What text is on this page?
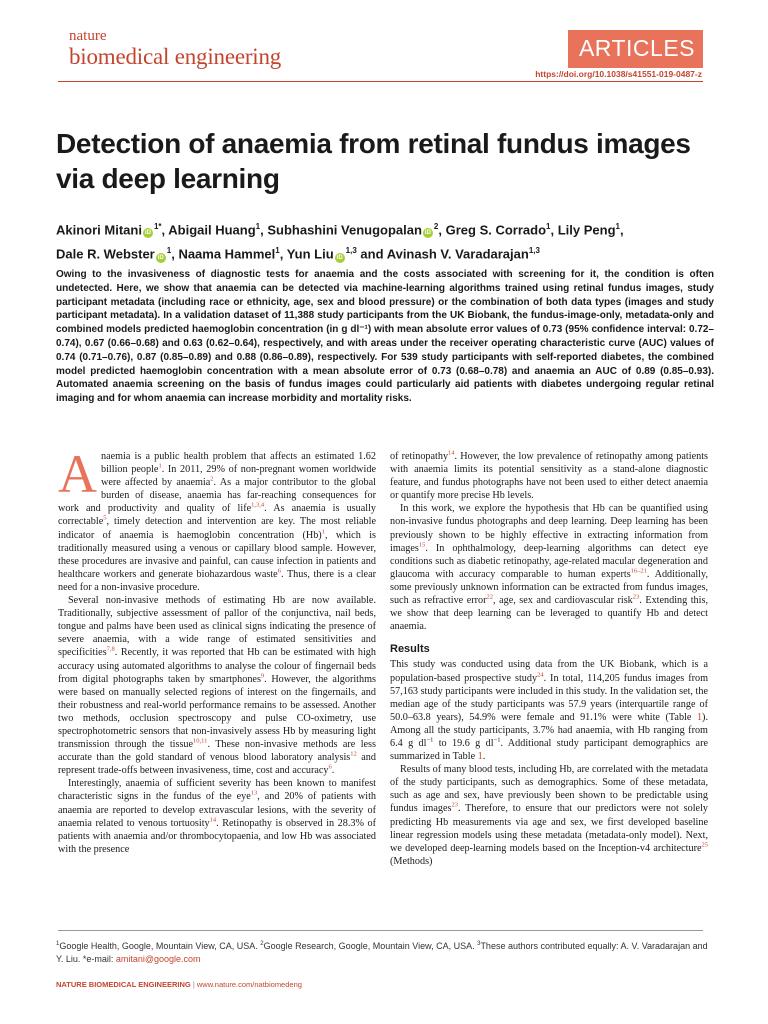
nature
biomedical engineering	ARTICLES
https://doi.org/10.1038/s41551-019-0487-z
Detection of anaemia from retinal fundus images via deep learning
Akinori Mitani $iD^{1*}$, Abigail Huang$^1$, Subhashini Venugopalan $iD^2$, Greg S. Corrado$^1$, Lily Peng$^1$,
Dale R. Webster $iD^1$, Naama Hammel$^1$, Yun Liu iD$^{1,3}$ and Avinash V. Varadarajan$^{1,3}$
Owing to the invasiveness of diagnostic tests for anaemia and the costs associated with screening for it, the condition is often undetected. Here, we show that anaemia can be detected via machine-learning algorithms trained using retinal fundus images, study participant metadata (including race or ethnicity, age, sex and blood pressure) or the combination of both data types (images and study participant metadata). In a validation dataset of 11,388 study participants from the UK Biobank, the fundus-image-only, metadata-only and combined models predicted haemoglobin concentration (in g dl⁻¹) with mean absolute error values of 0.73 (95% confidence interval: 0.72–0.74), 0.67 (0.66–0.68) and 0.63 (0.62–0.64), respectively, and with areas under the receiver operating characteristic curve (AUC) values of 0.74 (0.71–0.76), 0.87 (0.85–0.89) and 0.88 (0.86–0.89), respectively. For 539 study participants with self-reported diabetes, the combined model predicted haemoglobin concentration with a mean absolute error of 0.73 (0.68–0.78) and anaemia an AUC of 0.89 (0.85–0.93). Automated anaemia screening on the basis of fundus images could particularly aid patients with diabetes undergoing regular retinal imaging and for whom anaemia can increase morbidity and mortality risks.

Anaemia is a public health problem that affects an estimated 1.62 billion people$^1$. In 2011, 29% of non-pregnant women worldwide were affected by anaemia$^2$. As a major contributor to the global burden of disease, anaemia has far-reaching consequences for work and productivity and quality of life$^{1,3,4}$. As anaemia is usually correctable$^5$, timely detection and intervention are key. The most reliable indicator of anaemia is haemoglobin concentration (Hb)$^1$, which is traditionally measured using a venous or capillary blood sample. However, these procedures are invasive and painful, can cause infection in patients and healthcare workers and generate biohazardous waste$^6$. Thus, there is a clear need for a non-invasive procedure.

Several non-invasive methods of estimating Hb are now available. Traditionally, subjective assessment of pallor of the conjunctiva, nail beds, tongue and palms have been used as clinical signs indicating the presence of severe anaemia, with a wide range of estimated sensitivities and specificities$^{7,8}$. Recently, it was reported that Hb can be estimated with high accuracy using automated algorithms to analyse the colour of fingernail beds from digital photographs taken by smartphones$^9$. However, the algorithms were based on manually selected regions of interest on the fingernails, and their robustness and real-world performance remains to be assessed. Another two methods, occlusion spectroscopy and pulse CO-oximetry, use spectrophotometric sensors that non-invasively assess Hb by measuring light transmission through the tissue$^{10,11}$. These non-invasive methods are less accurate than the gold standard of venous blood laboratory analysis$^{12}$ and represent trade-offs between invasiveness, time, cost and accuracy$^6$.

Interestingly, anaemia of sufficient severity has been known to manifest characteristic signs in the fundus of the eye$^{13}$, and 20% of patients with anaemia are reported to develop extravascular lesions, with the severity of anaemia related to venous tortuosity$^{14}$. Retinopathy is observed in 28.3% of patients with anaemia and/or thrombocytopaenia, and low Hb was associated with the presence

of retinopathy$^{14}$. However, the low prevalence of retinopathy among patients with anaemia limits its potential sensitivity as a stand-alone diagnostic feature, and fundus photographs have not been used to either detect anaemia or quantify more precise Hb levels.

In this work, we explore the hypothesis that Hb can be quantified using non-invasive fundus photographs and deep learning. Deep learning has been previously shown to be highly effective in extracting information from images$^{15}$. In ophthalmology, deep-learning algorithms can detect eye conditions such as diabetic retinopathy, age-related macular degeneration and glaucoma with accuracy comparable to human experts$^{16-21}$. Additionally, some previously unknown information can be extracted from fundus images, such as refractive error$^{22}$, age, sex and cardiovascular risk$^{23}$. Extending this, we show that deep learning can be leveraged to quantify Hb and detect anaemia.

Results

This study was conducted using data from the UK Biobank, which is a population-based prospective study$^{24}$. In total, 114,205 fundus images from 57,163 study participants were included in this study. In the validation set, the median age of the study participants was 57.9 years (interquartile range of 50.0–63.8 years), 54.9% were female and 91.1% were white (Table 1). Among all the study participants, 3.7% had anaemia, with Hb ranging from 6.4 g dl$^{-1}$ to 19.6 g dl$^{-1}$. Additional study participant demographics are summarized in Table 1.

Results of many blood tests, including Hb, are correlated with the metadata of the study participants, such as demographics. Some of these metadata, such as age and sex, have previously been shown to be predictable using fundus images$^{23}$. Therefore, to ensure that our predictors were not solely predicting Hb measurements via age and sex, we first developed baseline linear regression models using these metadata (metadata-only model). Next, we developed deep-learning models based on the Inception-v4 architecture$^{25}$ (Methods)

$^1$Google Health, Google, Mountain View, CA, USA. $^2$Google Research, Google, Mountain View, CA, USA. $^3$These authors contributed equally: A. V. Varadarajan and Y. Liu. *e-mail: amitani@google.com
NATURE BIOMEDICAL ENGINEERING | www.nature.com/natbiomedeng
